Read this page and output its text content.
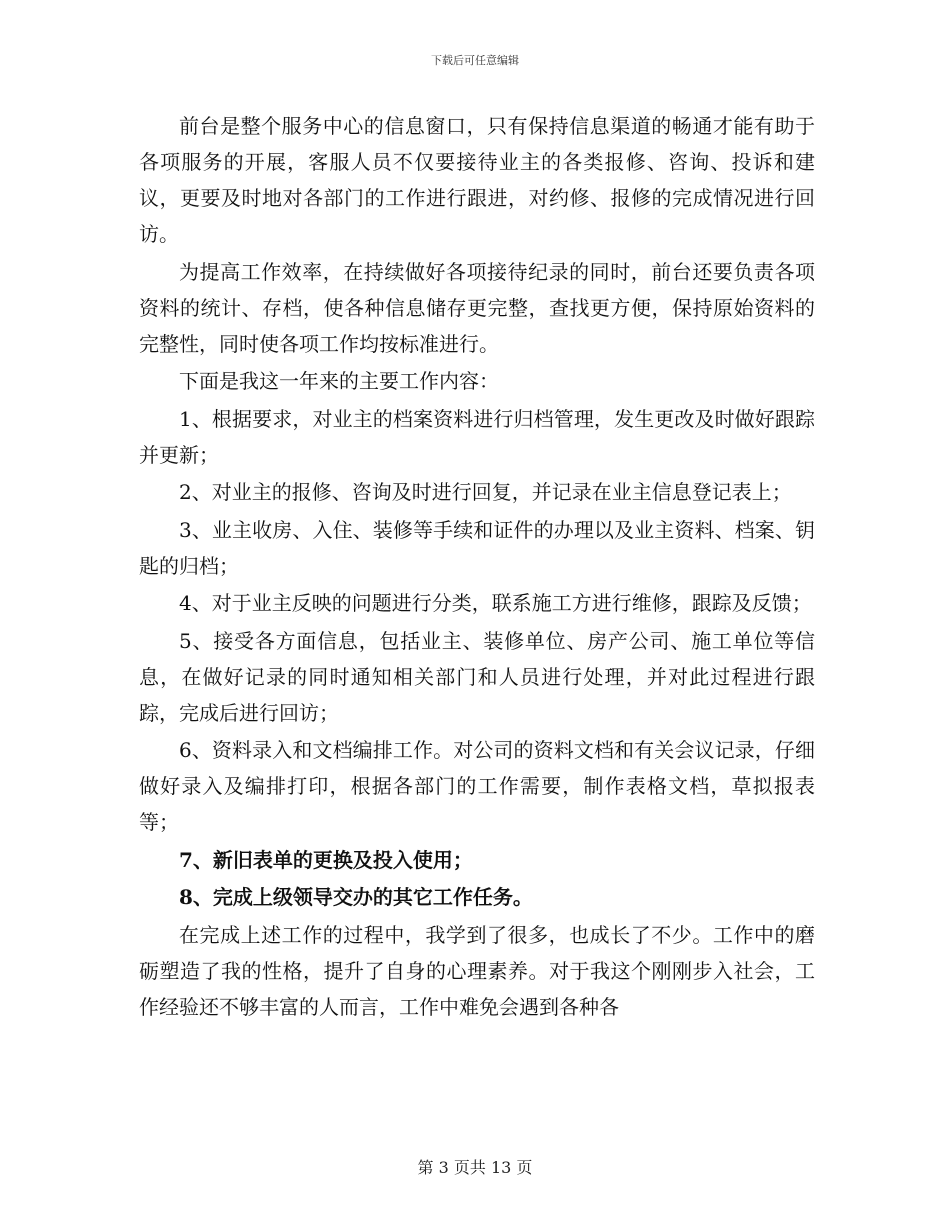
下载后可任意编辑

前台是整个服务中心的信息窗口，只有保持信息渠道的畅通才能有助于各项服务的开展，客服人员不仅要接待业主的各类报修、咨询、投诉和建议，更要及时地对各部门的工作进行跟进，对约修、报修的完成情况进行回访。

为提高工作效率，在持续做好各项接待纪录的同时，前台还要负责各项资料的统计、存档，使各种信息储存更完整，查找更方便，保持原始资料的完整性，同时使各项工作均按标准进行。

下面是我这一年来的主要工作内容：

1、根据要求，对业主的档案资料进行归档管理，发生更改及时做好跟踪并更新；

2、对业主的报修、咨询及时进行回复，并记录在业主信息登记表上；

3、业主收房、入住、装修等手续和证件的办理以及业主资料、档案、钥匙的归档；

4、对于业主反映的问题进行分类，联系施工方进行维修，跟踪及反馈；

5、接受各方面信息，包括业主、装修单位、房产公司、施工单位等信息，在做好记录的同时通知相关部门和人员进行处理，并对此过程进行跟踪，完成后进行回访；

6、资料录入和文档编排工作。对公司的资料文档和有关会议记录，仔细做好录入及编排打印，根据各部门的工作需要，制作表格文档，草拟报表等；

7、新旧表单的更换及投入使用；

8、完成上级领导交办的其它工作任务。

在完成上述工作的过程中，我学到了很多，也成长了不少。工作中的磨砺塑造了我的性格，提升了自身的心理素养。对于我这个刚刚步入社会，工作经验还不够丰富的人而言，工作中难免会遇到各种各

第 3 页共 13 页
